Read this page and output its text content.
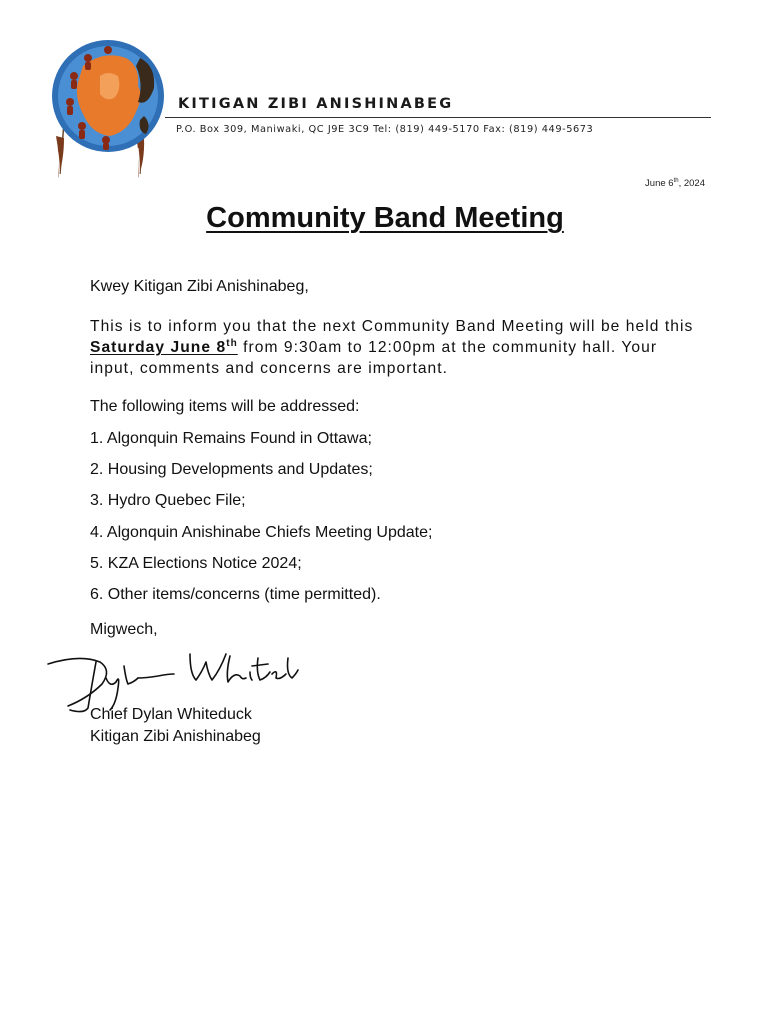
KITIGAN ZIBI ANISHINABEG

P.O. Box 309, Maniwaki, QC J9E 3C9 Tel: (819) 449-5170 Fax: (819) 449-5673

June 6th, 2024
Community Band Meeting

Kwey Kitigan Zibi Anishinabeg,

This is to inform you that the next Community Band Meeting will be held this Saturday June 8th from 9:30am to 12:00pm at the community hall. Your input, comments and concerns are important.

The following items will be addressed:

1. Algonquin Remains Found in Ottawa;
2. Housing Developments and Updates;
3. Hydro Quebec File;
4. Algonquin Anishinabe Chiefs Meeting Update;
5. KZA Elections Notice 2024;
6. Other items/concerns (time permitted).

Migwech,

Chief Dylan Whiteduck
Kitigan Zibi Anishinabeg
